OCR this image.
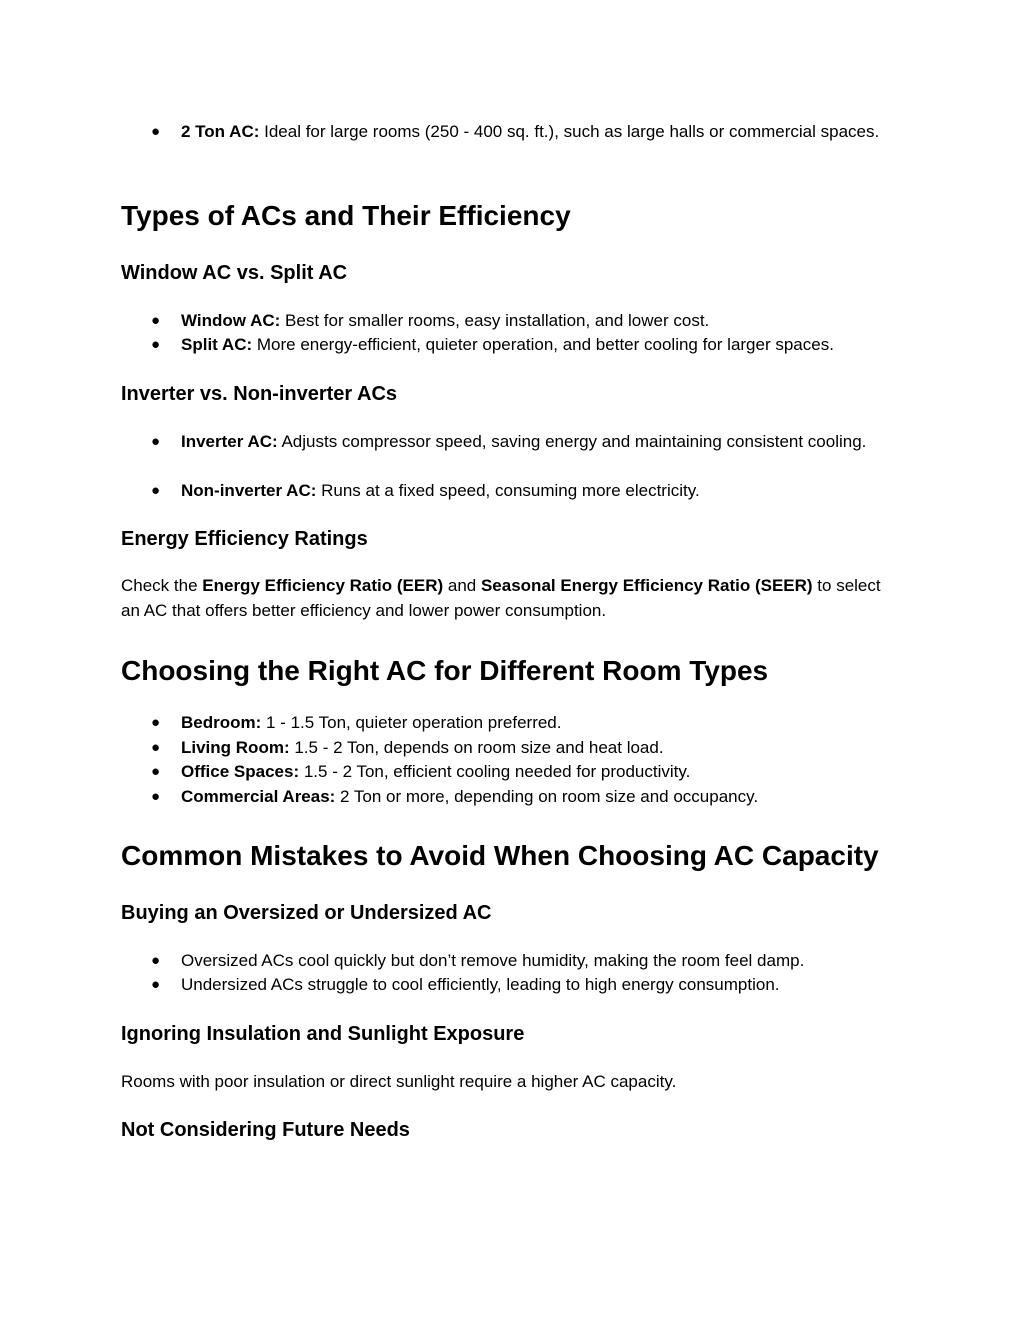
● 2 Ton AC: Ideal for large rooms (250 - 400 sq. ft.), such as large halls or commercial spaces.
Types of ACs and Their Efficiency
Window AC vs. Split AC
● Window AC: Best for smaller rooms, easy installation, and lower cost.
● Split AC: More energy-efficient, quieter operation, and better cooling for larger spaces.
Inverter vs. Non-inverter ACs
● Inverter AC: Adjusts compressor speed, saving energy and maintaining consistent cooling.
● Non-inverter AC: Runs at a fixed speed, consuming more electricity.
Energy Efficiency Ratings

Check the Energy Efficiency Ratio (EER) and Seasonal Energy Efficiency Ratio (SEER) to select an AC that offers better efficiency and lower power consumption.

Choosing the Right AC for Different Room Types
● Bedroom: 1 - 1.5 Ton, quieter operation preferred.
● Living Room: 1.5 - 2 Ton, depends on room size and heat load.
● Office Spaces: 1.5 - 2 Ton, efficient cooling needed for productivity.
● Commercial Areas: 2 Ton or more, depending on room size and occupancy.
Common Mistakes to Avoid When Choosing AC Capacity
Buying an Oversized or Undersized AC
● Oversized ACs cool quickly but don’t remove humidity, making the room feel damp.
● Undersized ACs struggle to cool efficiently, leading to high energy consumption.
Ignoring Insulation and Sunlight Exposure

Rooms with poor insulation or direct sunlight require a higher AC capacity.

Not Considering Future Needs
